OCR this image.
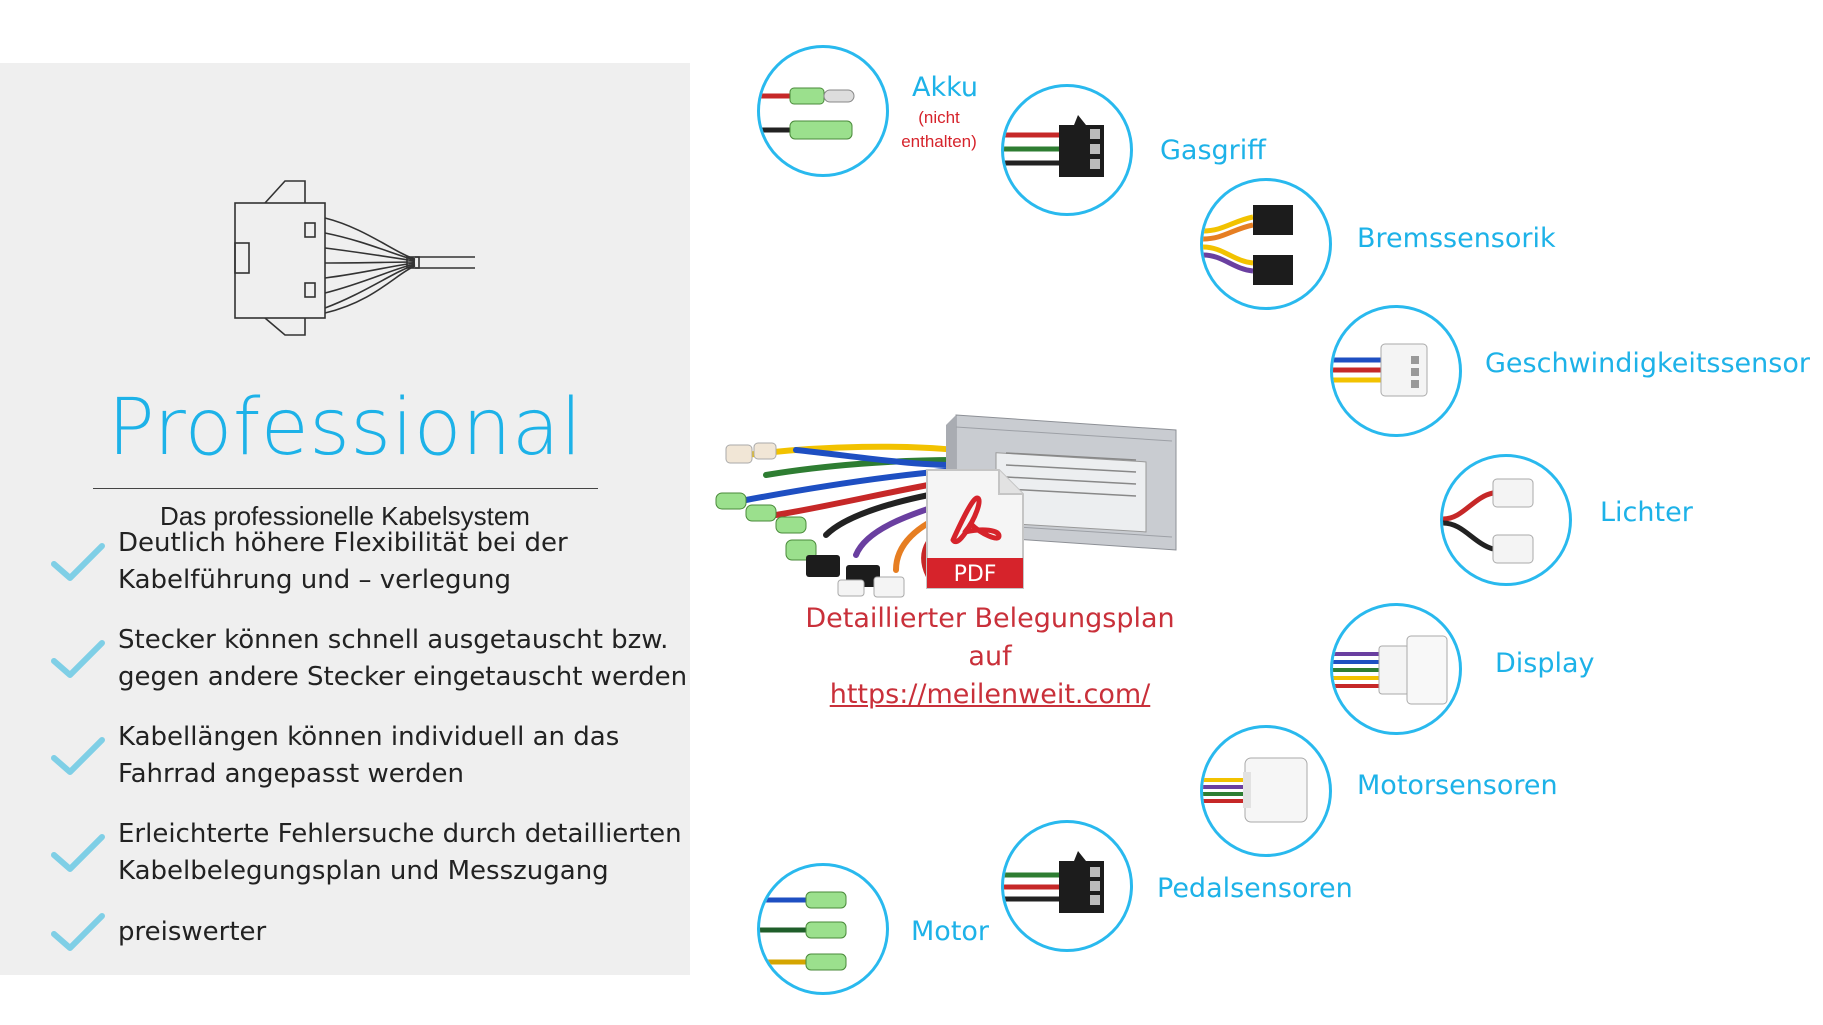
Professional
Das professionelle Kabelsystem
Deutlich höhere Flexibilität bei der
Kabelführung und – verlegung
Stecker können schnell ausgetauscht bzw.
gegen andere Stecker eingetauscht werden
Kabellängen können individuell an das
Fahrrad angepasst werden
Erleichterte Fehlersuche durch detaillierten
Kabelbelegungsplan und Messzugang
preiswerter
Akku
(nicht
enthalten)	Gasgriff
Bremssensorik
Geschwindigkeitssensor
Lichter
Display
Motorsensoren
Pedalsensoren
Motor
PDF
Detaillierter Belegungsplan auf
https://meilenweit.com/
